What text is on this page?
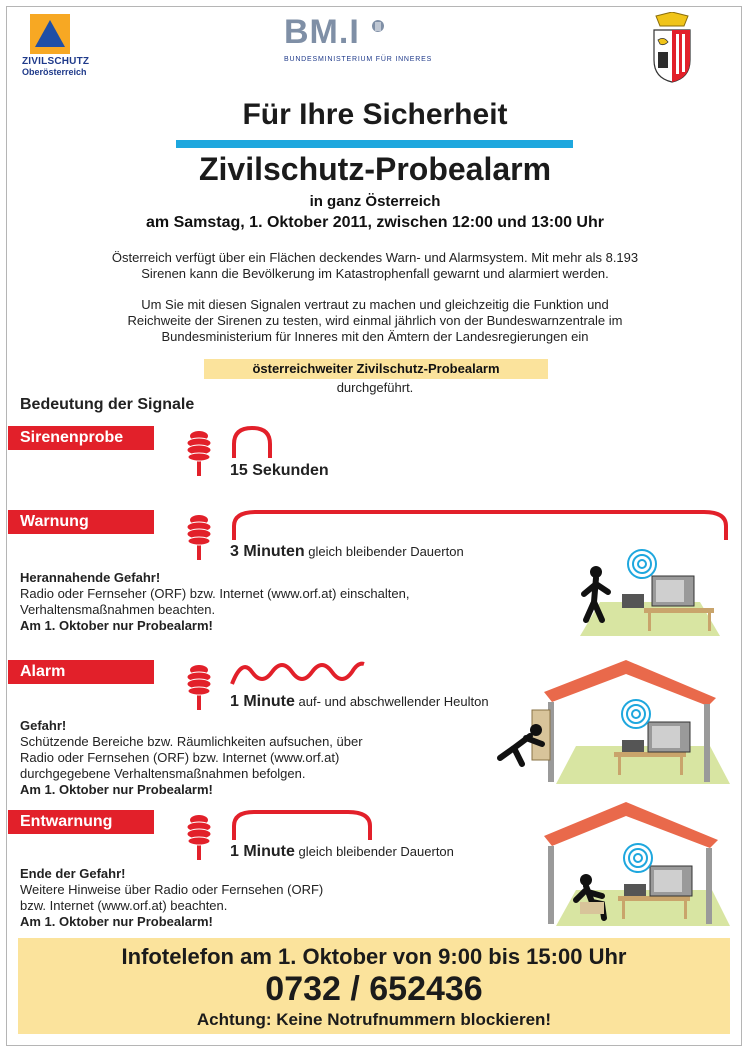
ZIVILSCHUTZ
Oberösterreich
BM.I
BUNDESMINISTERIUM FÜR INNERES
Für Ihre Sicherheit
Zivilschutz-Probealarm
in ganz Österreich
am Samstag, 1. Oktober 2011, zwischen 12:00 und 13:00 Uhr
Österreich verfügt über ein Flächen deckendes Warn- und Alarmsystem. Mit mehr als 8.193 Sirenen kann die Bevölkerung im Katastrophenfall gewarnt und alarmiert werden.
Um Sie mit diesen Signalen vertraut zu machen und gleichzeitig die Funktion und Reichweite der Sirenen zu testen, wird einmal jährlich von der Bundeswarnzentrale im Bundesministerium für Inneres mit den Ämtern der Landesregierungen ein
österreichweiter Zivilschutz-Probealarm
durchgeführt.
Bedeutung der Signale
Sirenenprobe
15 Sekunden
Warnung
3 Minuten gleich bleibender Dauerton
Herannahende Gefahr!
Radio oder Fernseher (ORF) bzw. Internet (www.orf.at) einschalten,
Verhaltensmaßnahmen beachten.
Am 1. Oktober nur Probealarm!
Alarm
1 Minute auf- und abschwellender Heulton
Gefahr!
Schützende Bereiche bzw. Räumlichkeiten aufsuchen, über
Radio oder Fernsehen (ORF) bzw. Internet (www.orf.at)
durchgegebene Verhaltensmaßnahmen befolgen.
Am 1. Oktober nur Probealarm!
Entwarnung
1 Minute gleich bleibender Dauerton
Ende der Gefahr!
Weitere Hinweise über Radio oder Fernsehen (ORF)
bzw. Internet (www.orf.at) beachten.
Am 1. Oktober nur Probealarm!
Infotelefon am 1. Oktober von 9:00 bis 15:00 Uhr
0732 / 652436
Achtung: Keine Notrufnummern blockieren!
